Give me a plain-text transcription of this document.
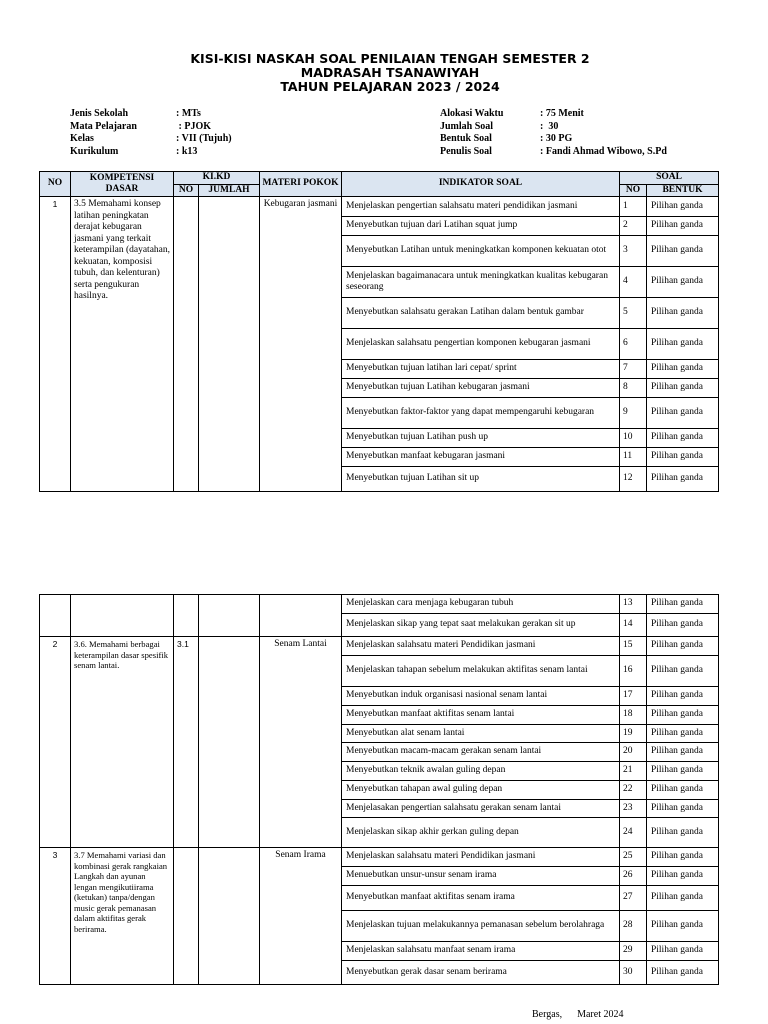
KISI-KISI NASKAH SOAL PENILAIAN TENGAH SEMESTER 2
MADRASAH TSANAWIYAH
TAHUN PELAJARAN 2023 / 2024
Jenis Sekolah	: MTs
Mata Pelajaran	: PJOK
Kelas	: VII (Tujuh)
Kurikulum	: k13
Alokasi Waktu	: 75 Menit
Jumlah Soal	:  30
Bentuk Soal	: 30 PG
Penulis Soal	: Fandi Ahmad Wibowo, S.Pd
NO	KOMPETENSI DASAR	KI.KD		MATERI POKOK	INDIKATOR SOAL	SOAL	
		NO	JUMLAH			NO	BENTUK
1	3.5 Memahami konsep latihan peningkatan derajat kebugaran jasmani yang terkait keterampilan (dayatahan, kekuatan, komposisi tubuh, dan kelenturan) serta pengukuran hasilnya.			Kebugaran jasmani	Menjelaskan pengertian salahsatu materi pendidikan jasmani	1	Pilihan ganda
					Menyebutkan tujuan dari Latihan squat jump	2	Pilihan ganda
					Menyebutkan Latihan untuk meningkatkan komponen kekuatan otot	3	Pilihan ganda
					Menjelaskan bagaimanacara untuk meningkatkan kualitas kebugaran seseorang	4	Pilihan ganda
					Menyebutkan salahsatu gerakan Latihan dalam bentuk gambar	5	Pilihan ganda
					Menjelaskan salahsatu pengertian komponen kebugaran jasmani	6	Pilihan ganda
					Menyebutkan tujuan latihan lari cepat/ sprint	7	Pilihan ganda
					Menyebutkan tujuan Latihan kebugaran jasmani	8	Pilihan ganda
					Menyebutkan faktor-faktor yang dapat mempengaruhi kebugaran	9	Pilihan ganda
					Menyebutkan tujuan Latihan push up	10	Pilihan ganda
					Menyebutkan manfaat kebugaran jasmani	11	Pilihan ganda
					Menyebutkan tujuan Latihan sit up	12	Pilihan ganda
					Menjelaskan cara menjaga kebugaran tubuh	13	Pilihan ganda
					Menjelaskan sikap yang tepat saat melakukan gerakan sit up	14	Pilihan ganda
2	3.6. Memahami berbagai keterampilan dasar spesifik senam lantai.	3.1		Senam Lantai	Menjelaskan salahsatu materi Pendidikan jasmani	15	Pilihan ganda
					Menjelaskan tahapan sebelum melakukan aktifitas senam lantai	16	Pilihan ganda
					Menyebutkan induk organisasi nasional senam lantai	17	Pilihan ganda
					Menyebutkan manfaat aktifitas senam lantai	18	Pilihan ganda
					Menyebutkan alat senam lantai	19	Pilihan ganda
					Menyebutkan macam-macam gerakan senam lantai	20	Pilihan ganda
					Menyebutkan teknik awalan guling depan	21	Pilihan ganda
					Menyebutkan tahapan awal guling depan	22	Pilihan ganda
					Menjelasakan pengertian salahsatu gerakan senam lantai	23	Pilihan ganda
					Menjelaskan sikap akhir gerkan guling depan	24	Pilihan ganda
3	3.7 Memahami variasi dan kombinasi gerak rangkaian Langkah dan ayunan lengan mengikutiirama (ketukan) tanpa/dengan music gerak pemanasan dalam aktifitas gerak berirama.			Senam Irama	Menjelaskan salahsatu materi Pendidikan jasmani	25	Pilihan ganda
					Menuebutkan unsur-unsur senam irama	26	Pilihan ganda
					Menyebutkan manfaat aktifitas senam irama	27	Pilihan ganda
					Menjelaskan tujuan melakukannya pemanasan sebelum berolahraga	28	Pilihan ganda
					Menjelaskan salahsatu manfaat senam irama	29	Pilihan ganda
					Menyebutkan gerak dasar senam berirama	30	Pilihan ganda
Bergas, Maret 2024
